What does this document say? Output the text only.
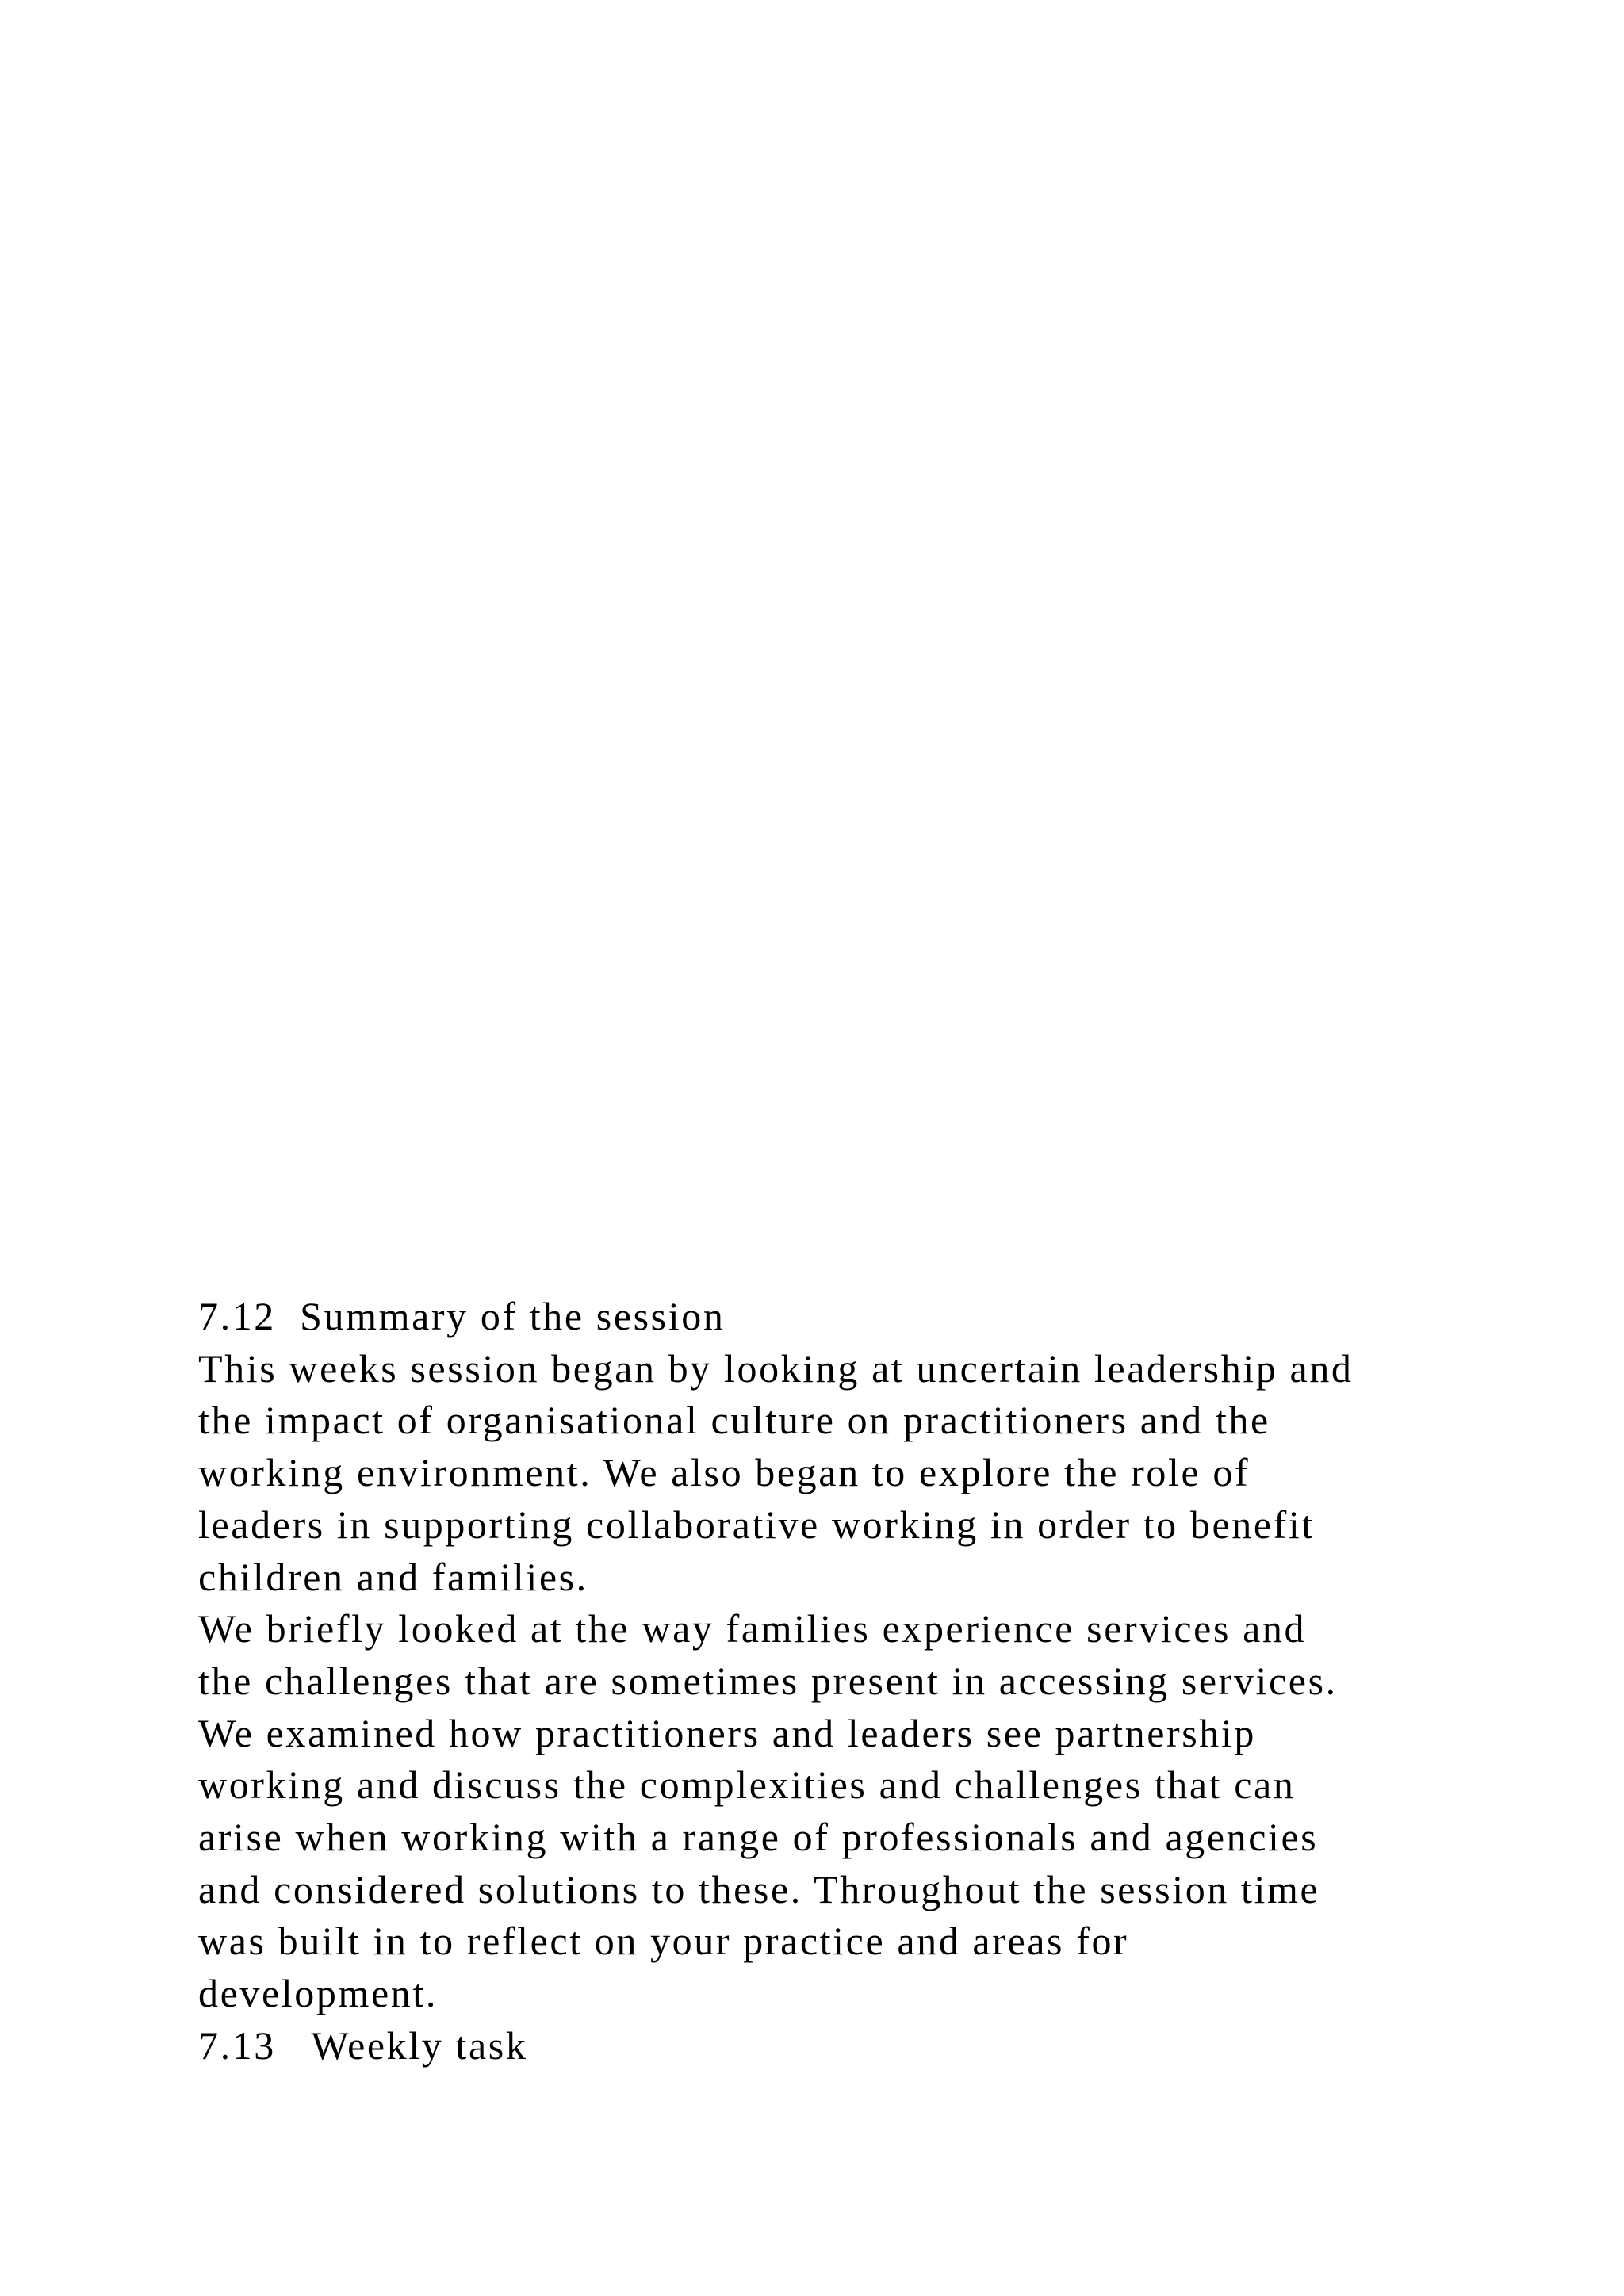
7.12 Summary of the session
This weeks session began by looking at uncertain leadership and
the impact of organisational culture on practitioners and the
working environment. We also began to explore the role of
leaders in supporting collaborative working in order to benefit
children and families.
We briefly looked at the way families experience services and
the challenges that are sometimes present in accessing services.
We examined how practitioners and leaders see partnership
working and discuss the complexities and challenges that can
arise when working with a range of professionals and agencies
and considered solutions to these. Throughout the session time
was built in to reflect on your practice and areas for
development.
7.13 Weekly task
